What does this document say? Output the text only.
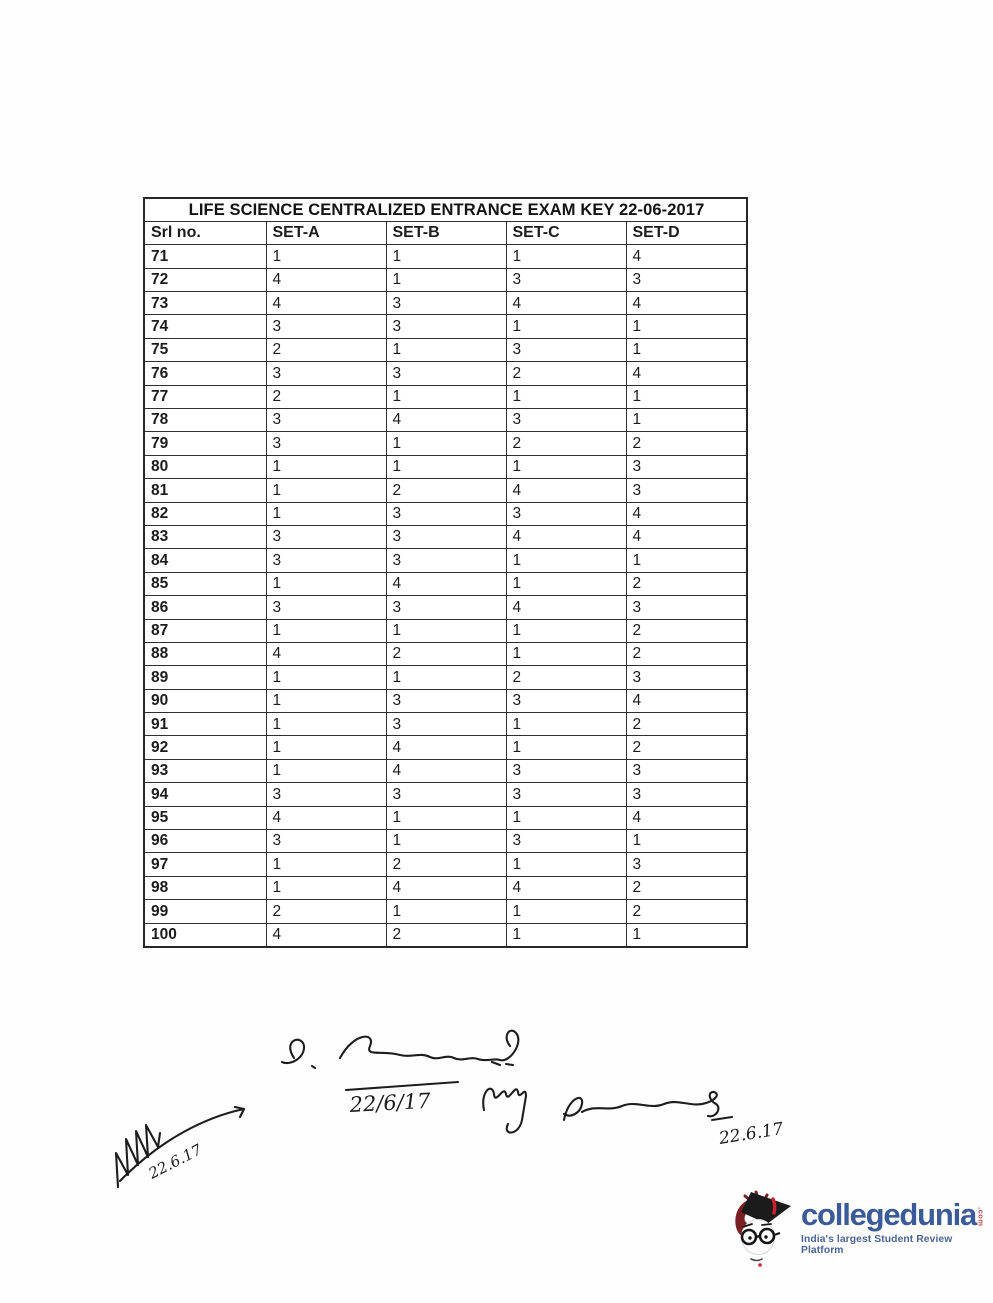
LIFE SCIENCE CENTRALIZED ENTRANCE EXAM KEY 22-06-2017				
Srl no.	SET-A	SET-B	SET-C	SET-D
71	1	1	1	4
72	4	1	3	3
73	4	3	4	4
74	3	3	1	1
75	2	1	3	1
76	3	3	2	4
77	2	1	1	1
78	3	4	3	1
79	3	1	2	2
80	1	1	1	3
81	1	2	4	3
82	1	3	3	4
83	3	3	4	4
84	3	3	1	1
85	1	4	1	2
86	3	3	4	3
87	1	1	1	2
88	4	2	1	2
89	1	1	2	3
90	1	3	3	4
91	1	3	1	2
92	1	4	1	2
93	1	4	3	3
94	3	3	3	3
95	4	1	1	4
96	3	1	3	1
97	1	2	1	3
98	1	4	4	2
99	2	1	1	2
100	4	2	1	1
22/6/17
22.6.17
22.6.17
collegedunia .com
India's largest Student Review Platform
